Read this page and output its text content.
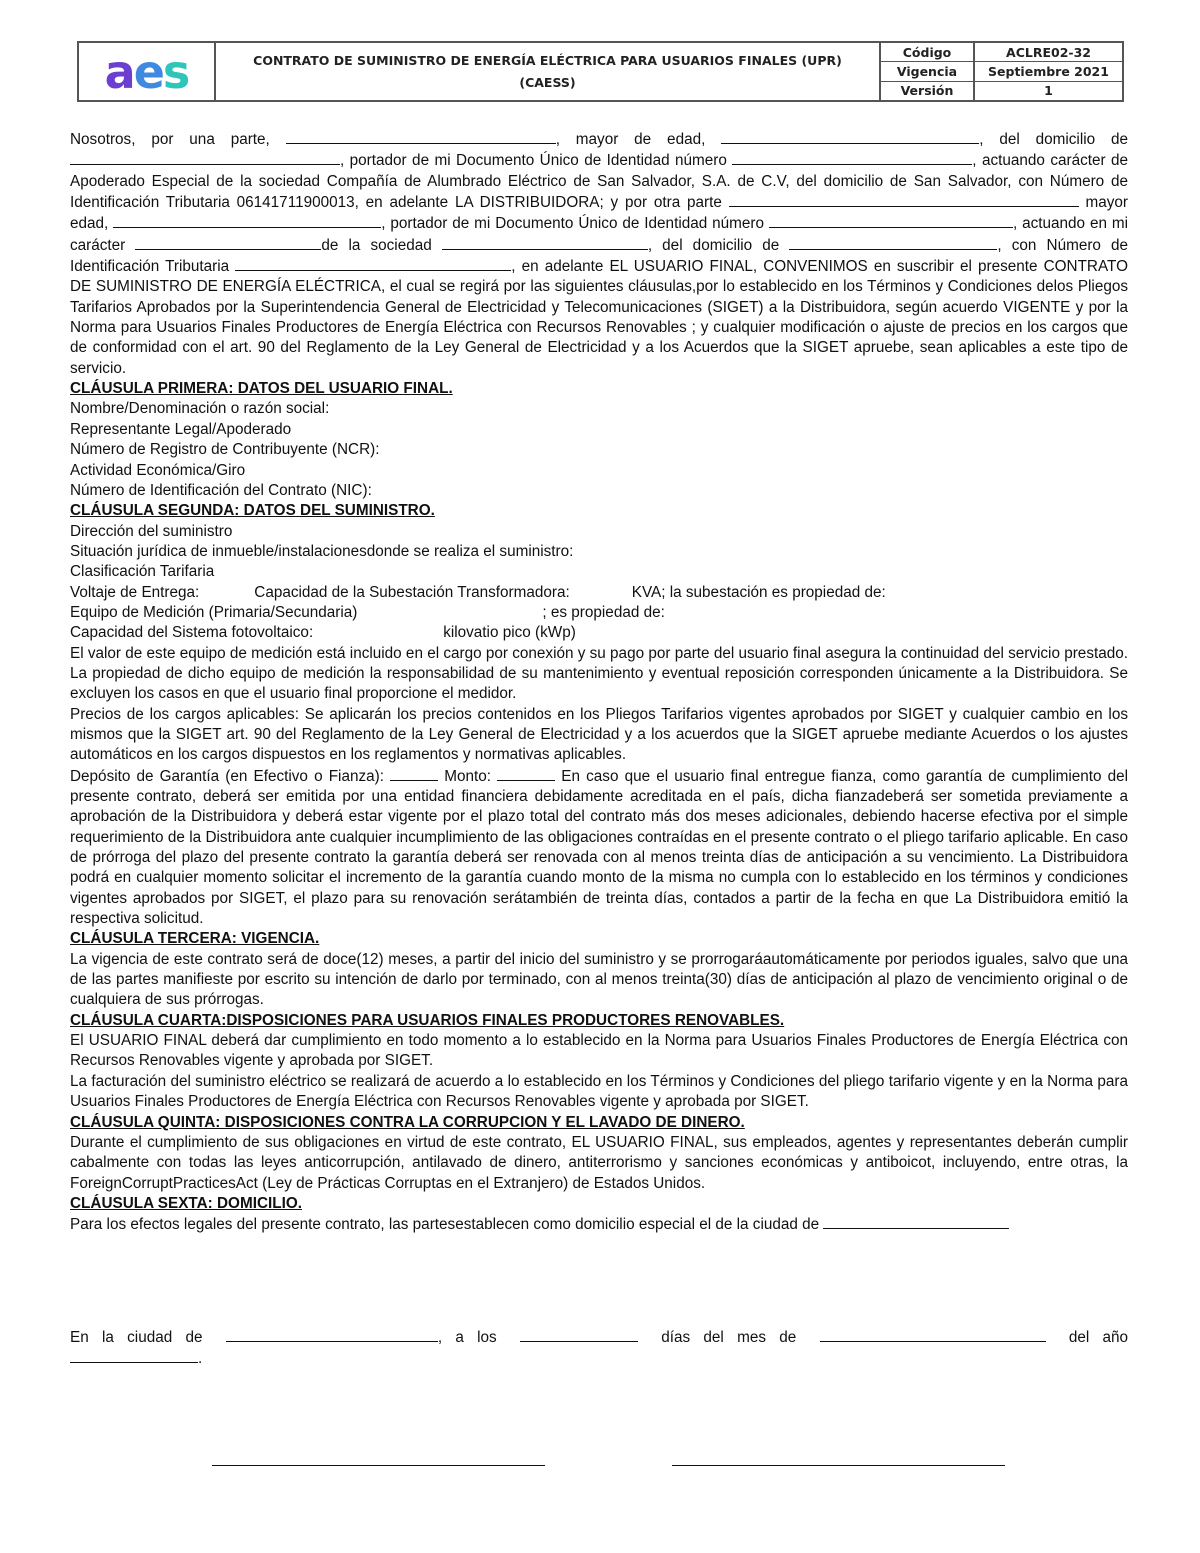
aes	CONTRATO DE SUMINISTRO DE ENERGÍA ELÉCTRICA PARA USUARIOS FINALES (UPR)
(CAESS)
Código	ACLRE02-32
Vigencia	Septiembre 2021
Versión	1

Nosotros, por una parte,	, mayor de edad,	, del domicilio de , portador de mi Documento Único de Identidad número	, actuando carácter de Apoderado Especial de la sociedad Compañía de Alumbrado Eléctrico de San Salvador, S.A. de C.V, del domicilio de San Salvador, con Número de Identificación Tributaria 06141711900013, en adelante LA DISTRIBUIDORA; y por otra parte	mayor edad,	, portador de mi Documento Único de Identidad número	, actuando en mi carácter	de la sociedad	, del domicilio de	, con Número de Identificación Tributaria	, en adelante EL USUARIO FINAL, CONVENIMOS en suscribir el presente CONTRATO DE SUMINISTRO DE ENERGÍA ELÉCTRICA, el cual se regirá por las siguientes cláusulas,por lo establecido en los Términos y Condiciones delos Pliegos Tarifarios Aprobados por la Superintendencia General de Electricidad y Telecomunicaciones (SIGET) a la Distribuidora, según acuerdo VIGENTE y por la Norma para Usuarios Finales Productores de Energía Eléctrica con Recursos Renovables ; y cualquier modificación o ajuste de precios en los cargos que de conformidad con el art. 90 del Reglamento de la Ley General de Electricidad y a los Acuerdos que la SIGET apruebe, sean aplicables a este tipo de servicio.

CLÁUSULA PRIMERA: DATOS DEL USUARIO FINAL.

Nombre/Denominación o razón social:

Representante Legal/Apoderado

Número de Registro de Contribuyente (NCR):

Actividad Económica/Giro

Número de Identificación del Contrato (NIC):

CLÁUSULA SEGUNDA: DATOS DEL SUMINISTRO.

Dirección del suministro

Situación jurídica de inmueble/instalacionesdonde se realiza el suministro:

Clasificación Tarifaria

Voltaje de Entrega:	Capacidad de la Subestación Transformadora:	KVA; la subestación es propiedad de:

Equipo de Medición (Primaria/Secundaria)	; es propiedad de:

Capacidad del Sistema fotovoltaico:	kilovatio pico (kWp)

El valor de este equipo de medición está incluido en el cargo por conexión y su pago por parte del usuario final asegura la continuidad del servicio prestado. La propiedad de dicho equipo de medición la responsabilidad de su mantenimiento y eventual reposición corresponden únicamente a la Distribuidora. Se excluyen los casos en que el usuario final proporcione el medidor.

Precios de los cargos aplicables: Se aplicarán los precios contenidos en los Pliegos Tarifarios vigentes aprobados por SIGET y cualquier cambio en los mismos que la SIGET art. 90 del Reglamento de la Ley General de Electricidad y a los acuerdos que la SIGET apruebe mediante Acuerdos o los ajustes automáticos en los cargos dispuestos en los reglamentos y normativas aplicables.

Depósito de Garantía (en Efectivo o Fianza):	Monto:	En caso que el usuario final entregue fianza, como garantía de cumplimiento del presente contrato, deberá ser emitida por una entidad financiera debidamente acreditada en el país, dicha fianzadeberá ser sometida previamente a aprobación de la Distribuidora y deberá estar vigente por el plazo total del contrato más dos meses adicionales, debiendo hacerse efectiva por el simple requerimiento de la Distribuidora ante cualquier incumplimiento de las obligaciones contraídas en el presente contrato o el pliego tarifario aplicable. En caso de prórroga del plazo del presente contrato la garantía deberá ser renovada con al menos treinta días de anticipación a su vencimiento. La Distribuidora podrá en cualquier momento solicitar el incremento de la garantía cuando monto de la misma no cumpla con lo establecido en los términos y condiciones vigentes aprobados por SIGET, el plazo para su renovación serátambién de treinta días, contados a partir de la fecha en que La Distribuidora emitió la respectiva solicitud.

CLÁUSULA TERCERA: VIGENCIA.

La vigencia de este contrato será de doce(12) meses, a partir del inicio del suministro y se prorrogaráautomáticamente por periodos iguales, salvo que una de las partes manifieste por escrito su intención de darlo por terminado, con al menos treinta(30) días de anticipación al plazo de vencimiento original o de cualquiera de sus prórrogas.

CLÁUSULA CUARTA:DISPOSICIONES PARA USUARIOS FINALES PRODUCTORES RENOVABLES.

El USUARIO FINAL deberá dar cumplimiento en todo momento a lo establecido en la Norma para Usuarios Finales Productores de Energía Eléctrica con Recursos Renovables vigente y aprobada por SIGET.

La facturación del suministro eléctrico se realizará de acuerdo a lo establecido en los Términos y Condiciones del pliego tarifario vigente y en la Norma para Usuarios Finales Productores de Energía Eléctrica con Recursos Renovables vigente y aprobada por SIGET.

CLÁUSULA QUINTA: DISPOSICIONES CONTRA LA CORRUPCION Y EL LAVADO DE DINERO.

Durante el cumplimiento de sus obligaciones en virtud de este contrato, EL USUARIO FINAL, sus empleados, agentes y representantes deberán cumplir cabalmente con todas las leyes anticorrupción, antilavado de dinero, antiterrorismo y sanciones económicas y antiboicot, incluyendo, entre otras, la ForeignCorruptPracticesAct (Ley de Prácticas Corruptas en el Extranjero) de Estados Unidos.

CLÁUSULA SEXTA: DOMICILIO.

Para los efectos legales del presente contrato, las partesestablecen como domicilio especial el de la ciudad de

En la ciudad de	, a los	días del mes de	del año .
